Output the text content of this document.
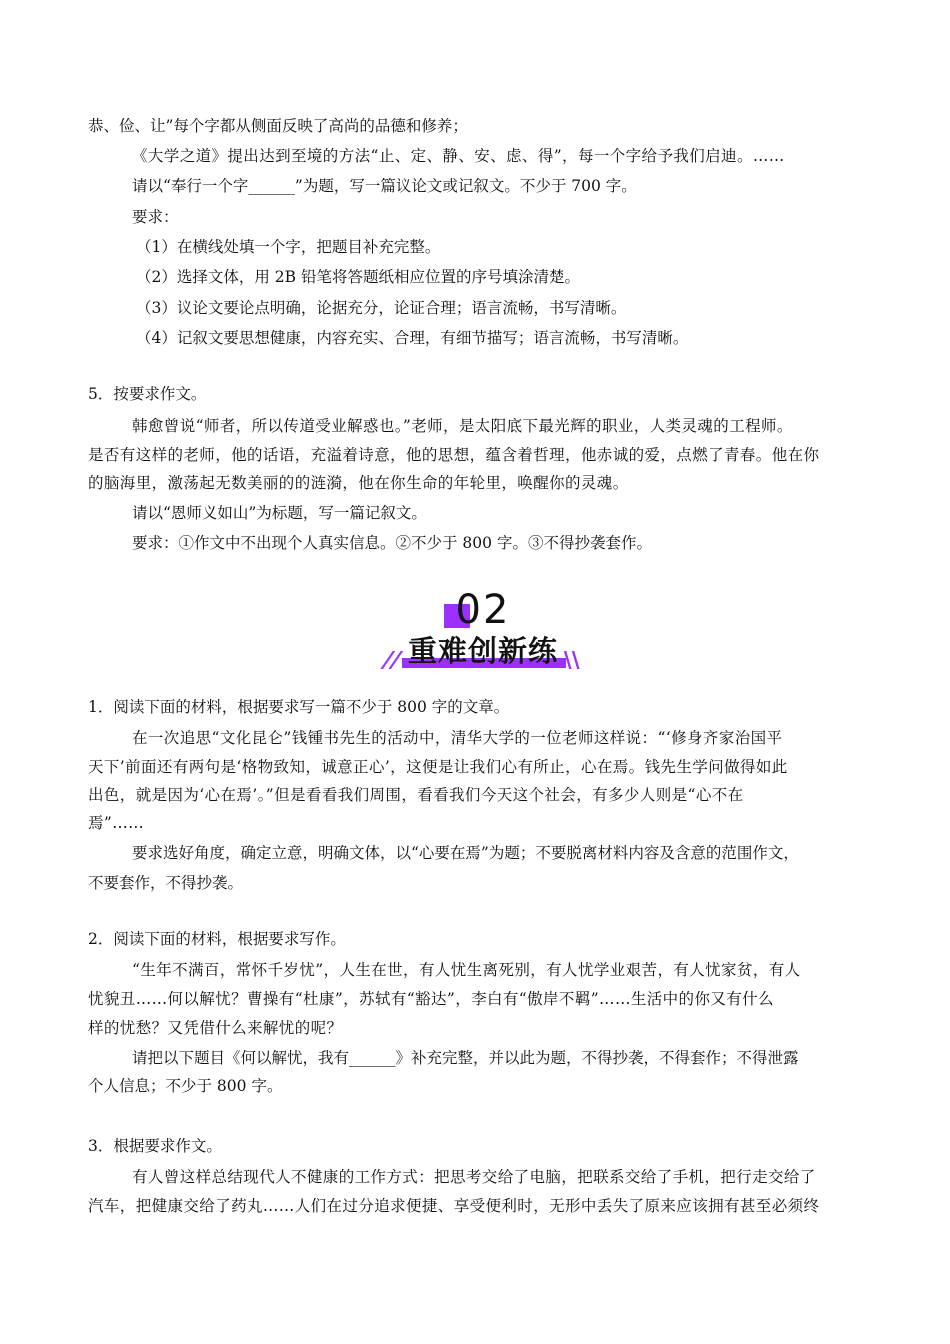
恭、俭、让”每个字都从侧面反映了高尚的品德和修养；
《大学之道》提出达到至境的方法“止、定、静、安、虑、得”，每一个字给予我们启迪。……
请以“奉行一个字______”为题，写一篇议论文或记叙文。不少于 700 字。
要求：
（1）在横线处填一个字，把题目补充完整。
（2）选择文体，用 2B 铅笔将答题纸相应位置的序号填涂清楚。
（3）议论文要论点明确，论据充分，论证合理；语言流畅，书写清晰。
（4）记叙文要思想健康，内容充实、合理，有细节描写；语言流畅，书写清晰。
5．按要求作文。
韩愈曾说“师者，所以传道受业解惑也。”老师，是太阳底下最光辉的职业，人类灵魂的工程师。
是否有这样的老师，他的话语，充溢着诗意，他的思想，蕴含着哲理，他赤诚的爱，点燃了青春。他在你
的脑海里，激荡起无数美丽的的涟漪，他在你生命的年轮里，唤醒你的灵魂。
请以“恩师义如山”为标题，写一篇记叙文。
要求：①作文中不出现个人真实信息。②不少于 800 字。③不得抄袭套作。
02
重难创新练
//	\\
1．阅读下面的材料，根据要求写一篇不少于 800 字的文章。
在一次追思“文化昆仑”钱锺书先生的活动中，清华大学的一位老师这样说：“‘修身齐家治国平
天下’前面还有两句是‘格物致知，诚意正心’，这便是让我们心有所止，心在焉。钱先生学问做得如此
出色，就是因为‘心在焉’。”但是看看我们周围，看看我们今天这个社会，有多少人则是“心不在
焉”……
要求选好角度，确定立意，明确文体，以“心要在焉”为题；不要脱离材料内容及含意的范围作文，
不要套作，不得抄袭。
2．阅读下面的材料，根据要求写作。
“生年不满百，常怀千岁忧”，人生在世，有人忧生离死别，有人忧学业艰苦，有人忧家贫，有人
忧貌丑……何以解忧？曹操有“杜康”，苏轼有“豁达”，李白有“傲岸不羁”……生活中的你又有什么
样的忧愁？又凭借什么来解忧的呢？
请把以下题目《何以解忧，我有______》补充完整，并以此为题，不得抄袭，不得套作；不得泄露
个人信息；不少于 800 字。
3．根据要求作文。
有人曾这样总结现代人不健康的工作方式：把思考交给了电脑，把联系交给了手机，把行走交给了
汽车，把健康交给了药丸……人们在过分追求便捷、享受便利时，无形中丢失了原来应该拥有甚至必须终
